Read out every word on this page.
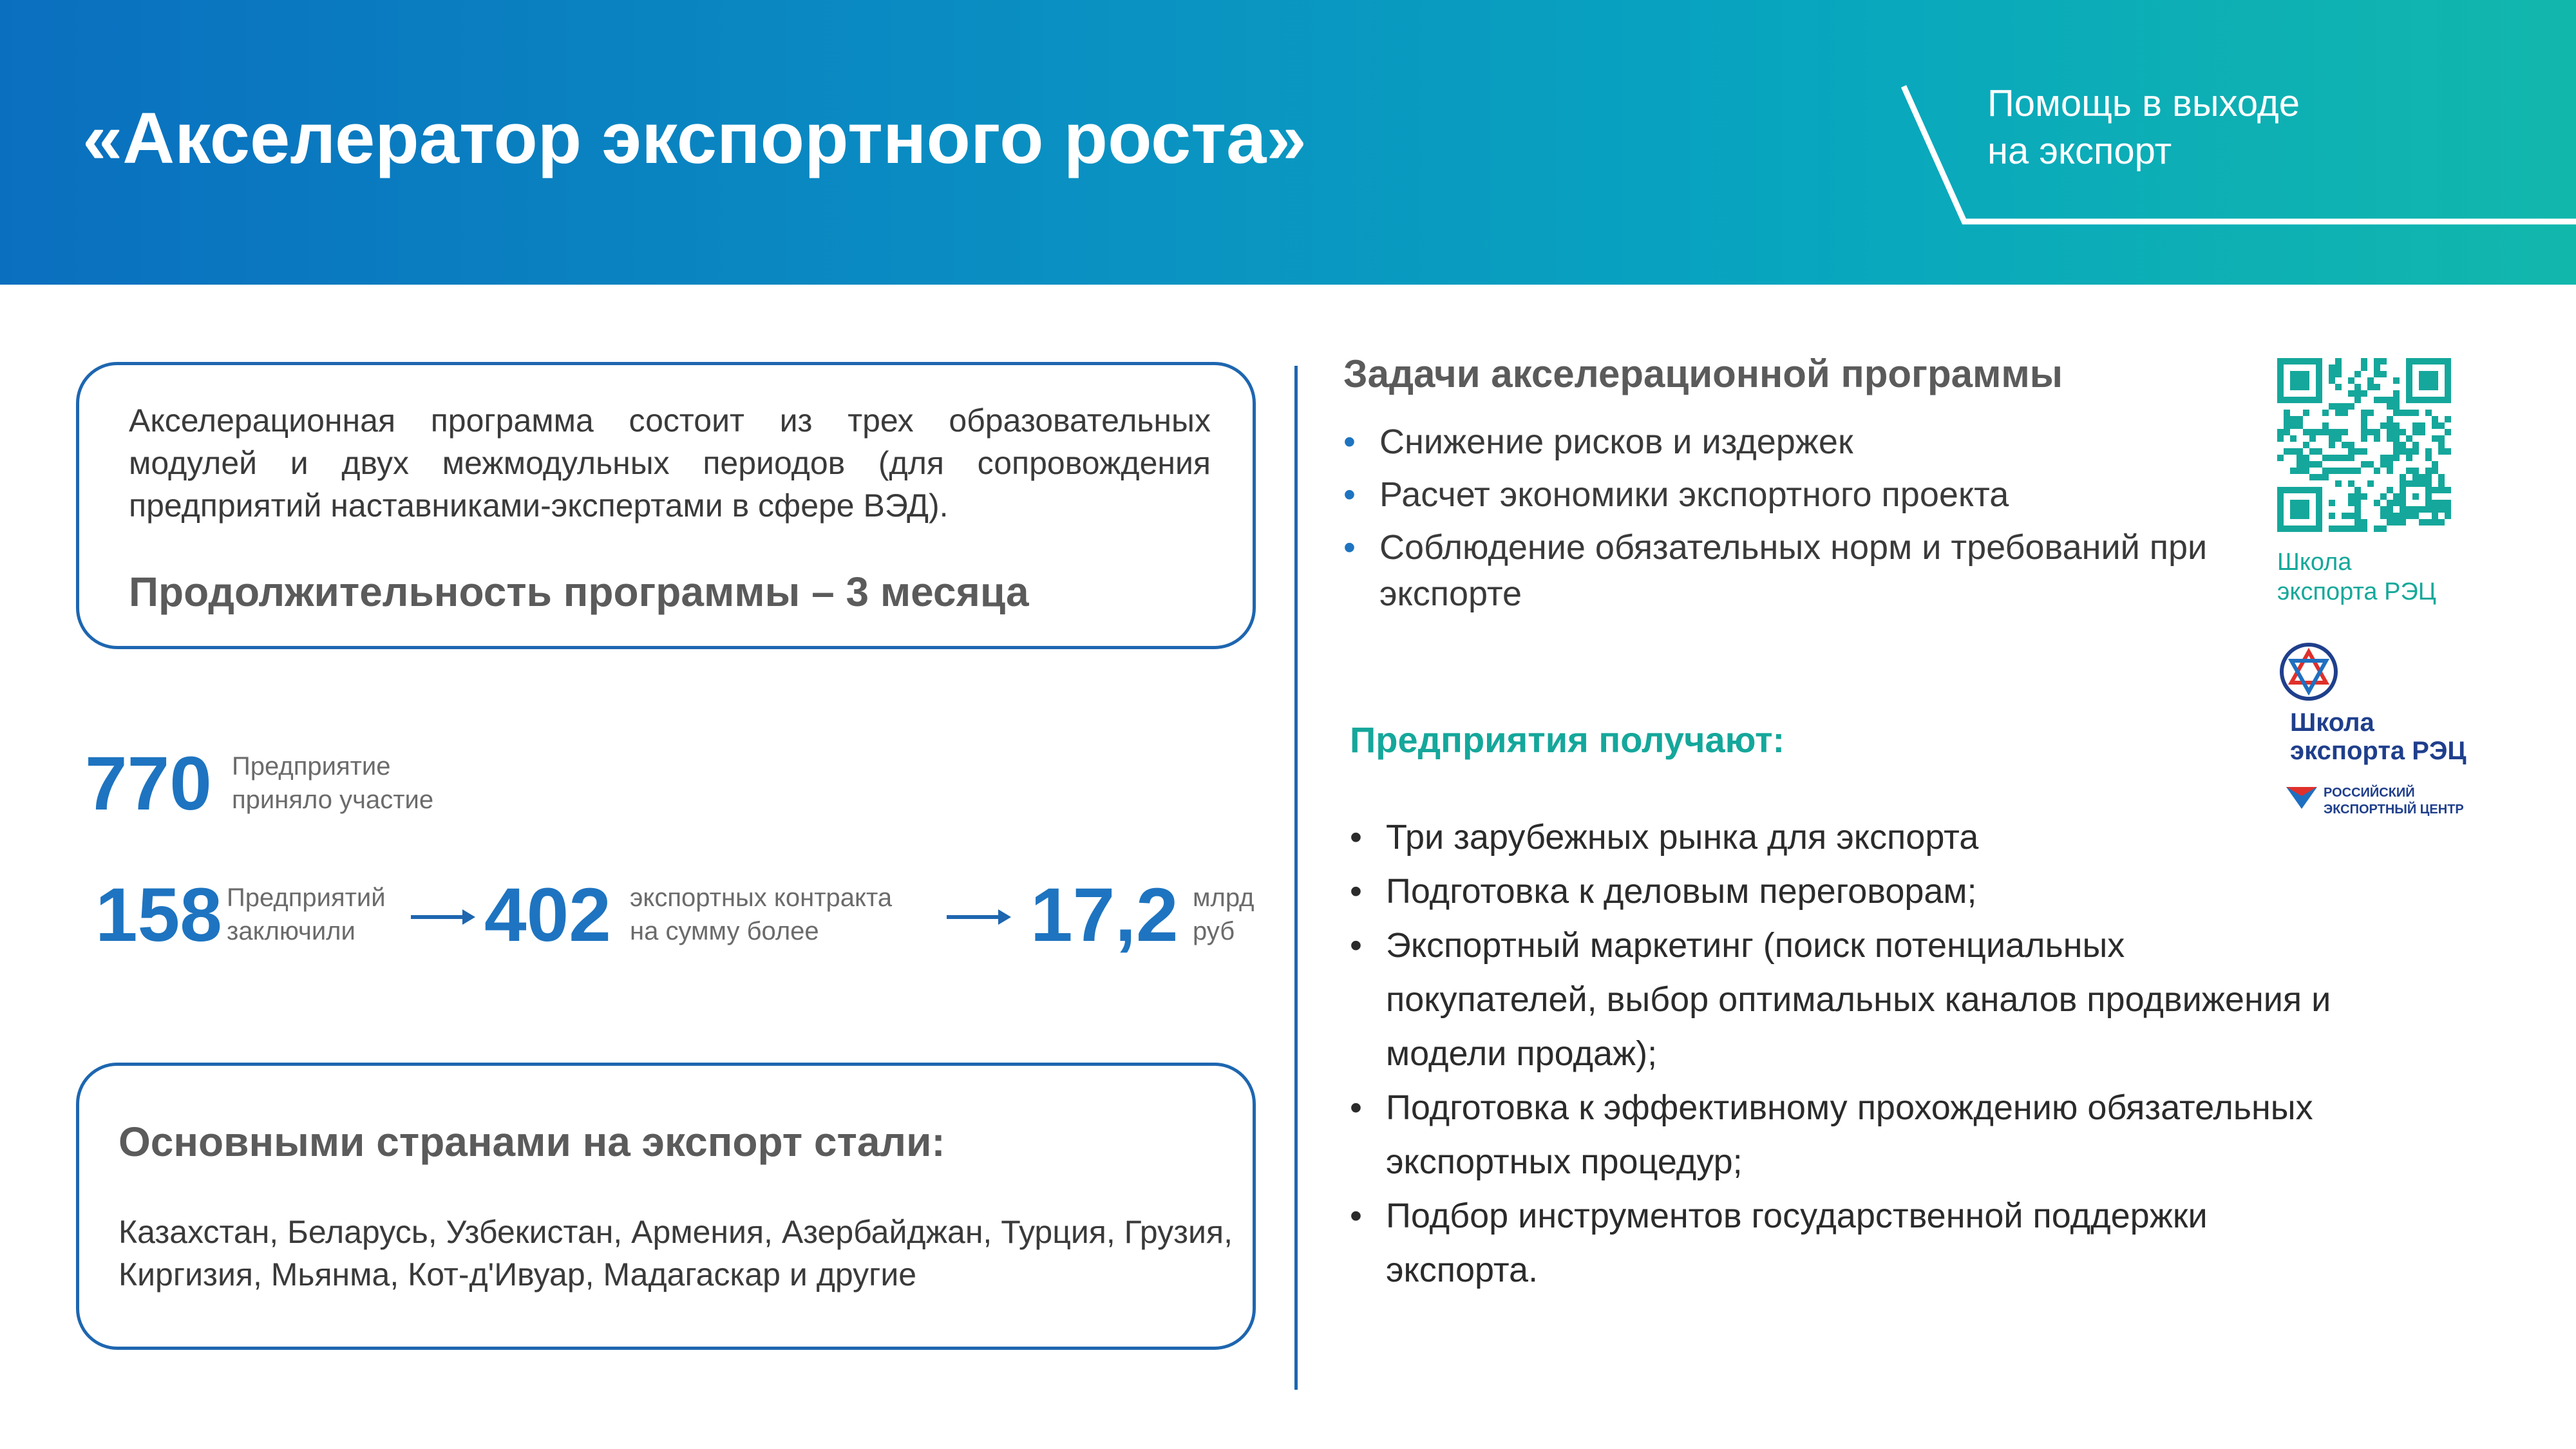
«Акселератор экспортного роста»	Помощь в выходе
на экспорт
Акселерационная программа состоит из трех образовательных модулей и двух межмодульных периодов (для сопровождения предприятий наставниками-экспертами в сфере ВЭД).
Продолжительность программы – 3 месяца
770 Предприятие
приняло участие
158 Предприятий
заключили	402 экспортных контракта
на сумму более	17,2 млрд
руб
Основными странами на экспорт стали:
Казахстан, Беларусь, Узбекистан, Армения, Азербайджан, Турция, Грузия, Киргизия, Мьянма, Кот-д'Ивуар, Мадагаскар и другие
Задачи акселерационной программы
• Снижение рисков и издержек
• Расчет экономики экспортного проекта
• Соблюдение обязательных норм и требований при экспорте
Предприятия получают:
• Три зарубежных рынка для экспорта
• Подготовка к деловым переговорам;
• Экспортный маркетинг (поиск потенциальных покупателей, выбор оптимальных каналов продвижения и модели продаж);
• Подготовка к эффективному прохождению обязательных экспортных процедур;
• Подбор инструментов государственной поддержки экспорта.
Школа
экспорта РЭЦ
Школа
экспорта РЭЦ
РОССИЙСКИЙ
ЭКСПОРТНЫЙ ЦЕНТР
